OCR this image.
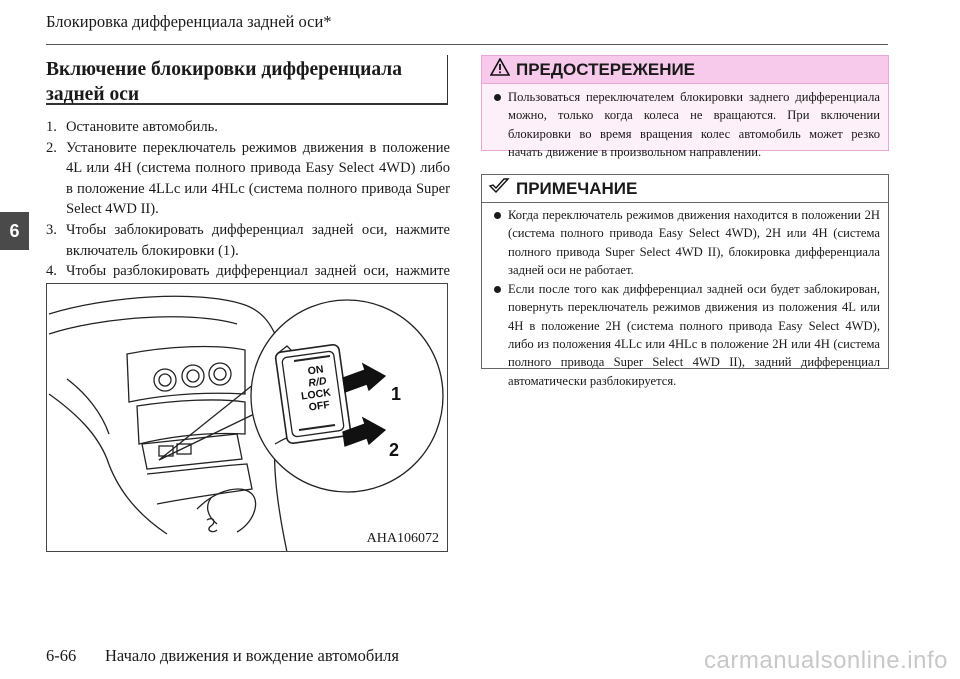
Блокировка дифференциала задней оси*
6
Включение блокировки дифференциала
задней оси
1. Остановите автомобиль.
2. Установите переключатель режимов движения в положение 4L или 4H (система полного привода Easy Select 4WD) либо в положение 4LLc или 4HLc (система полного привода Super Select 4WD II).
3. Чтобы заблокировать дифференциал задней оси, нажмите включатель блокировки (1).
4. Чтобы разблокировать дифференциал задней оси, нажмите
ON
R/D
LOCK
OFF
1
2
AHA106072
ПРЕДОСТЕРЕЖЕНИЕ
Пользоваться переключателем блокировки заднего дифференциала можно, только когда колеса не вращаются. При включении блокировки во время вращения колес автомобиль может резко начать движение в произвольном направлении.
ПРИМЕЧАНИЕ
Когда переключатель режимов движения находится в положении 2H (система полного привода Easy Select 4WD), 2H или 4H (система полного привода Super Select 4WD II), блокировка дифференциала задней оси не работает.
Если после того как дифференциал задней оси будет заблокирован, повернуть переключатель режимов движения из положения 4L или 4H в положение 2H (система полного привода Easy Select 4WD), либо из положения 4LLc или 4HLc в положение 2H или 4H (система полного привода Super Select 4WD II), задний дифференциал автоматически разблокируется.
6-66 Начало движения и вождение автомобиля	carmanualsonline.info
